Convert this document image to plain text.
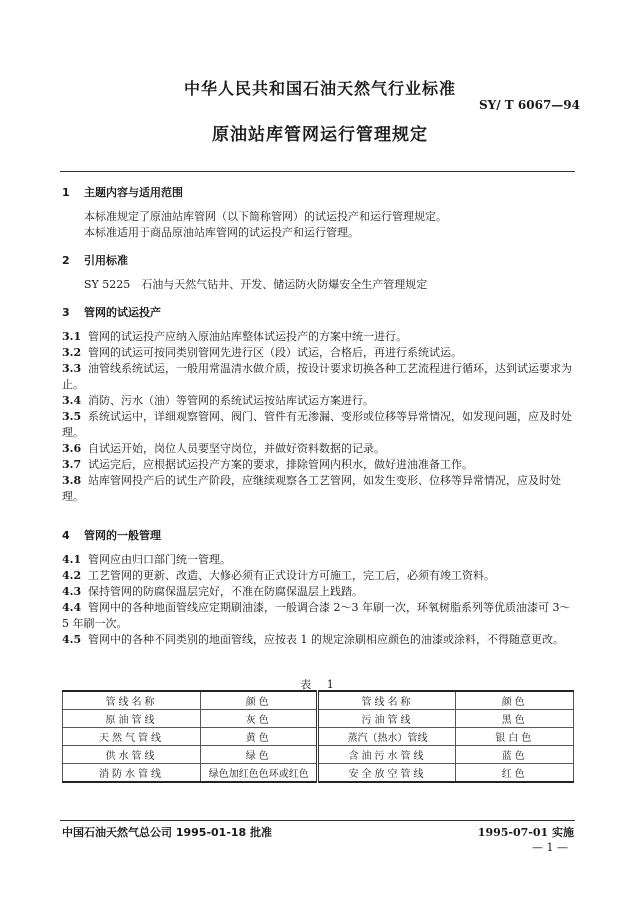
中华人民共和国石油天然气行业标准
SY/ T 6067—94
原油站库管网运行管理规定
1 主题内容与适用范围
本标准规定了原油站库管网（以下简称管网）的试运投产和运行管理规定。
本标准适用于商品原油站库管网的试运投产和运行管理。
2 引用标准
SY 5225　石油与天然气钻井、开发、储运防火防爆安全生产管理规定
3 管网的试运投产
3.1 管网的试运投产应纳入原油站库整体试运投产的方案中统一进行。
3.2 管网的试运可按同类别管网先进行区（段）试运，合格后，再进行系统试运。
3.3 油管线系统试运，一般用常温清水做介质，按设计要求切换各种工艺流程进行循环，达到试运要求为止。
3.4 消防、污水（油）等管网的系统试运按站库试运方案进行。
3.5 系统试运中，详细观察管网、阀门、管件有无渗漏、变形或位移等异常情况，如发现问题，应及时处理。
3.6 自试运开始，岗位人员要坚守岗位，并做好资料数据的记录。
3.7 试运完后，应根据试运投产方案的要求，排除管网内积水，做好进油准备工作。
3.8 站库管网投产后的试生产阶段，应继续观察各工艺管网，如发生变形、位移等异常情况，应及时处理。
4 管网的一般管理
4.1 管网应由归口部门统一管理。
4.2 工艺管网的更新、改造、大修必须有正式设计方可施工，完工后，必须有竣工资料。
4.3 保持管网的防腐保温层完好，不准在防腐保温层上践踏。
4.4 管网中的各种地面管线应定期刷油漆，一般调合漆 2～3 年刷一次，环氧树脂系列等优质油漆可 3～5 年刷一次。
4.5 管网中的各种不同类别的地面管线，应按表 1 的规定涂刷相应颜色的油漆或涂料，不得随意更改。
表 1
管线名称	颜色	管线名称	颜色
原油管线	灰色	污油管线	黑色
天然气管线	黄色	蒸汽（热水）管线	银白色
供水管线	绿色	含油污水管线	蓝色
消防水管线	绿色加红色色环或红色	安全放空管线	红色
中国石油天然气总公司 1995-01-18 批准	1995-07-01 实施
— 1 —
